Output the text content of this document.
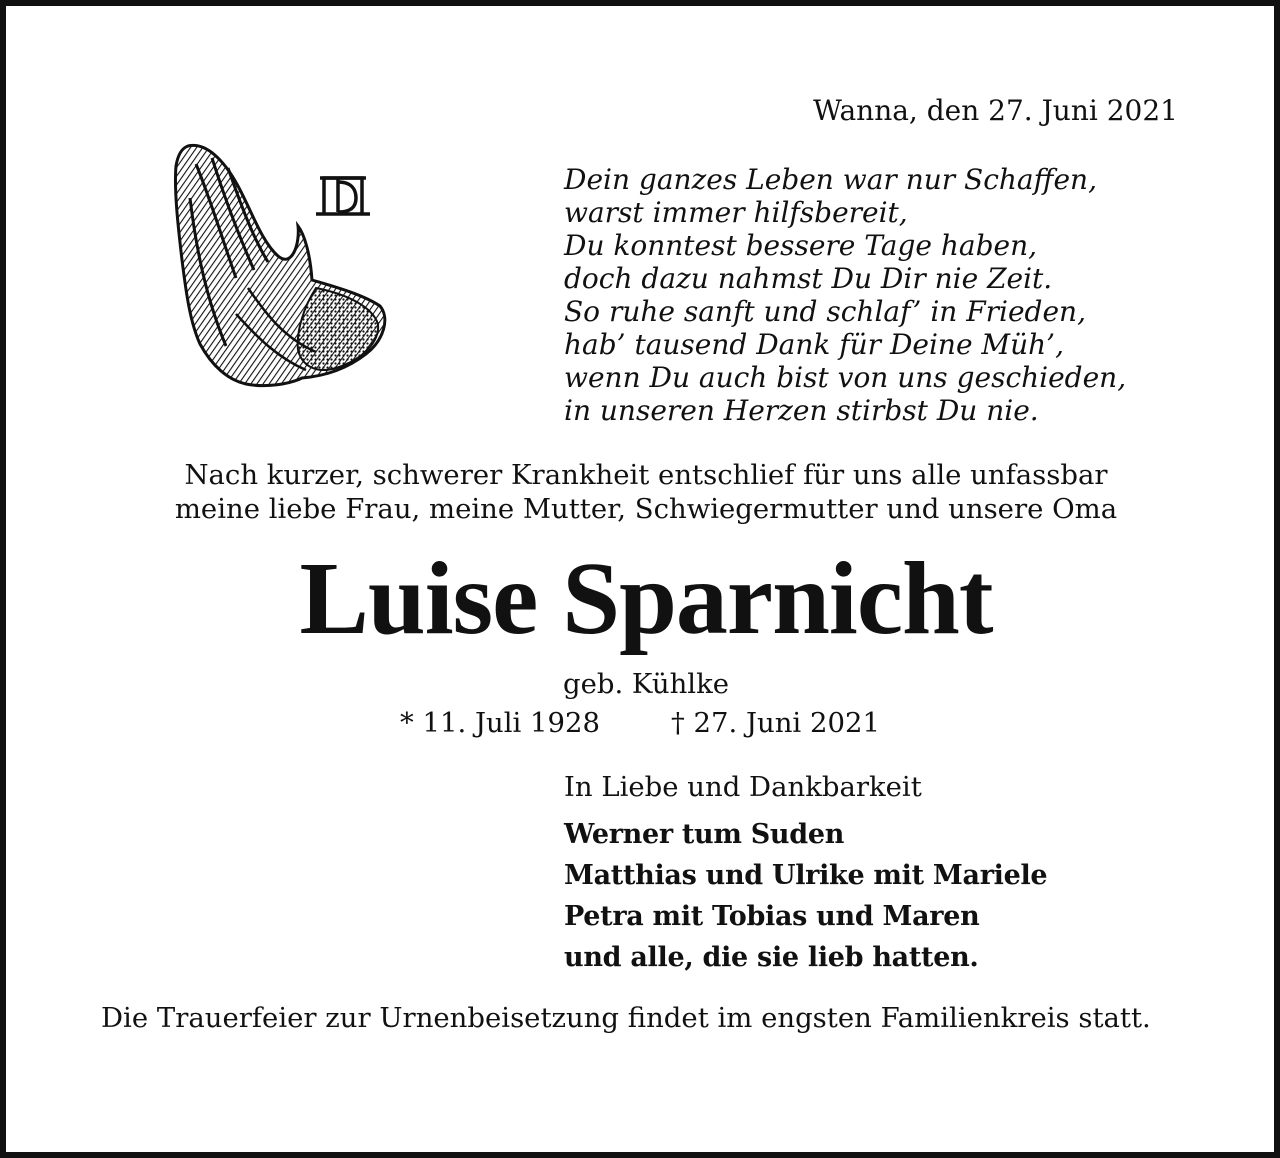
Wanna, den 27. Juni 2021
Dein ganzes Leben war nur Schaffen,
warst immer hilfsbereit,
Du konntest bessere Tage haben,
doch dazu nahmst Du Dir nie Zeit.
So ruhe sanft und schlaf’ in Frieden,
hab’ tausend Dank für Deine Müh’,
wenn Du auch bist von uns geschieden,
in unseren Herzen stirbst Du nie.
Nach kurzer, schwerer Krankheit entschlief für uns alle unfassbar
meine liebe Frau, meine Mutter, Schwiegermutter und unsere Oma
Luise Sparnicht
geb. Kühlke
* 11. Juli 1928	† 27. Juni 2021
In Liebe und Dankbarkeit
Werner tum Suden
Matthias und Ulrike mit Mariele
Petra mit Tobias und Maren
und alle, die sie lieb hatten.

Die Trauerfeier zur Urnenbeisetzung findet im engsten Familienkreis statt.
